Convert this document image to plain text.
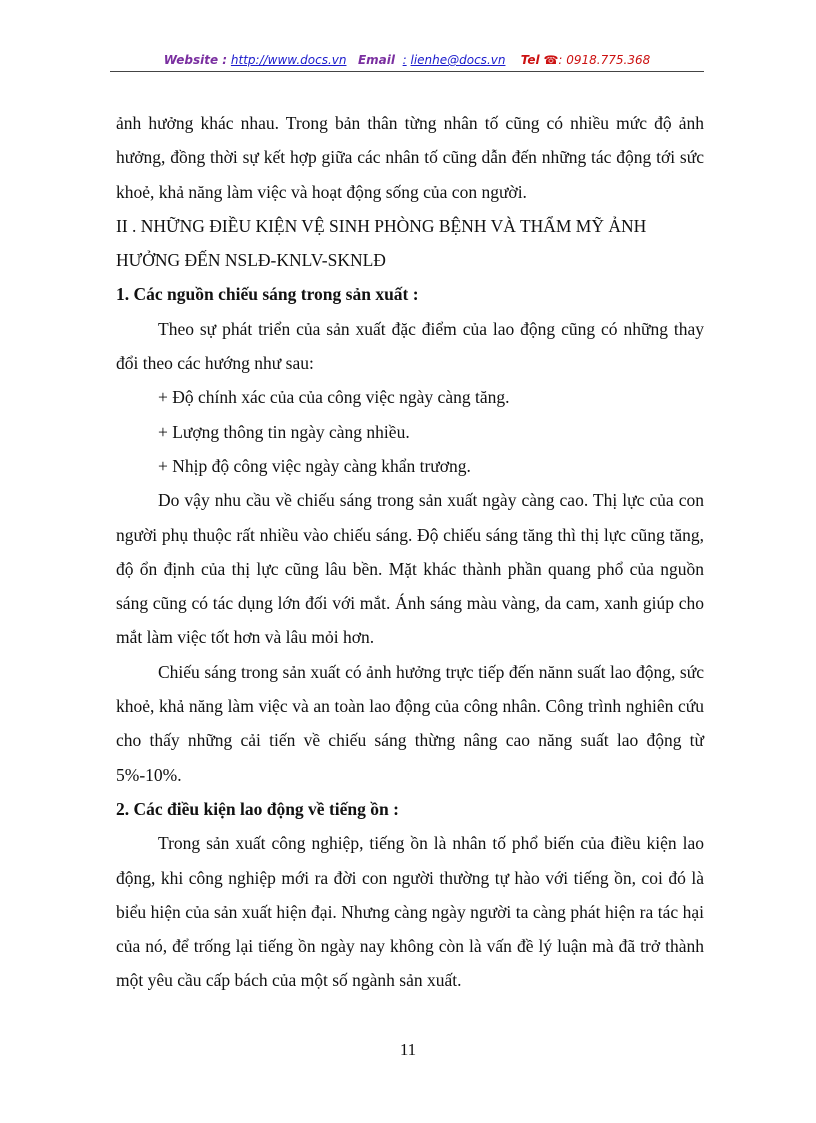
Website : http://www.docs.vn Email : lienhe@docs.vn Tel ☎: 0918.775.368

ảnh hưởng khác nhau. Trong bản thân từng nhân tố cũng có nhiều mức độ ảnh hưởng, đồng thời sự kết hợp giữa các nhân tố cũng dẫn đến những tác động tới sức khoẻ, khả năng làm việc và hoạt động sống của con người.

II . NHỮNG ĐIỀU KIỆN VỆ SINH PHÒNG BỆNH VÀ THẨM MỸ ẢNH HƯỞNG ĐẾN NSLĐ-KNLV-SKNLĐ

1. Các nguồn chiếu sáng trong sản xuất :

Theo sự phát triển của sản xuất đặc điểm của lao động cũng có những thay đổi theo các hướng như sau:

+ Độ chính xác của của công việc ngày càng tăng.

+ Lượng thông tin ngày càng nhiều.

+ Nhịp độ công việc ngày càng khẩn trương.

Do vậy nhu cầu về chiếu sáng trong sản xuất ngày càng cao. Thị lực của con người phụ thuộc rất nhiều vào chiếu sáng. Độ chiếu sáng tăng thì thị lực cũng tăng, độ ổn định của thị lực cũng lâu bền. Mặt khác thành phần quang phổ của nguồn sáng cũng có tác dụng lớn đối với mắt. Ánh sáng màu vàng, da cam, xanh giúp cho mắt làm việc tốt hơn và lâu mỏi hơn.

Chiếu sáng trong sản xuất có ảnh hưởng trực tiếp đến nănn suất lao động, sức khoẻ, khả năng làm việc và an toàn lao động của công nhân. Công trình nghiên cứu cho thấy những cải tiến về chiếu sáng thừng nâng cao năng suất lao động từ 5%-10%.

2. Các điều kiện lao động về tiếng ồn :

Trong sản xuất công nghiệp, tiếng ồn là nhân tố phổ biến của điều kiện lao động, khi công nghiệp mới ra đời con người thường tự hào với tiếng ồn, coi đó là biểu hiện của sản xuất hiện đại. Nhưng càng ngày người ta càng phát hiện ra tác hại của nó, để trống lại tiếng ồn ngày nay không còn là vấn đề lý luận mà đã trở thành một yêu cầu cấp bách của một số ngành sản xuất.

11
